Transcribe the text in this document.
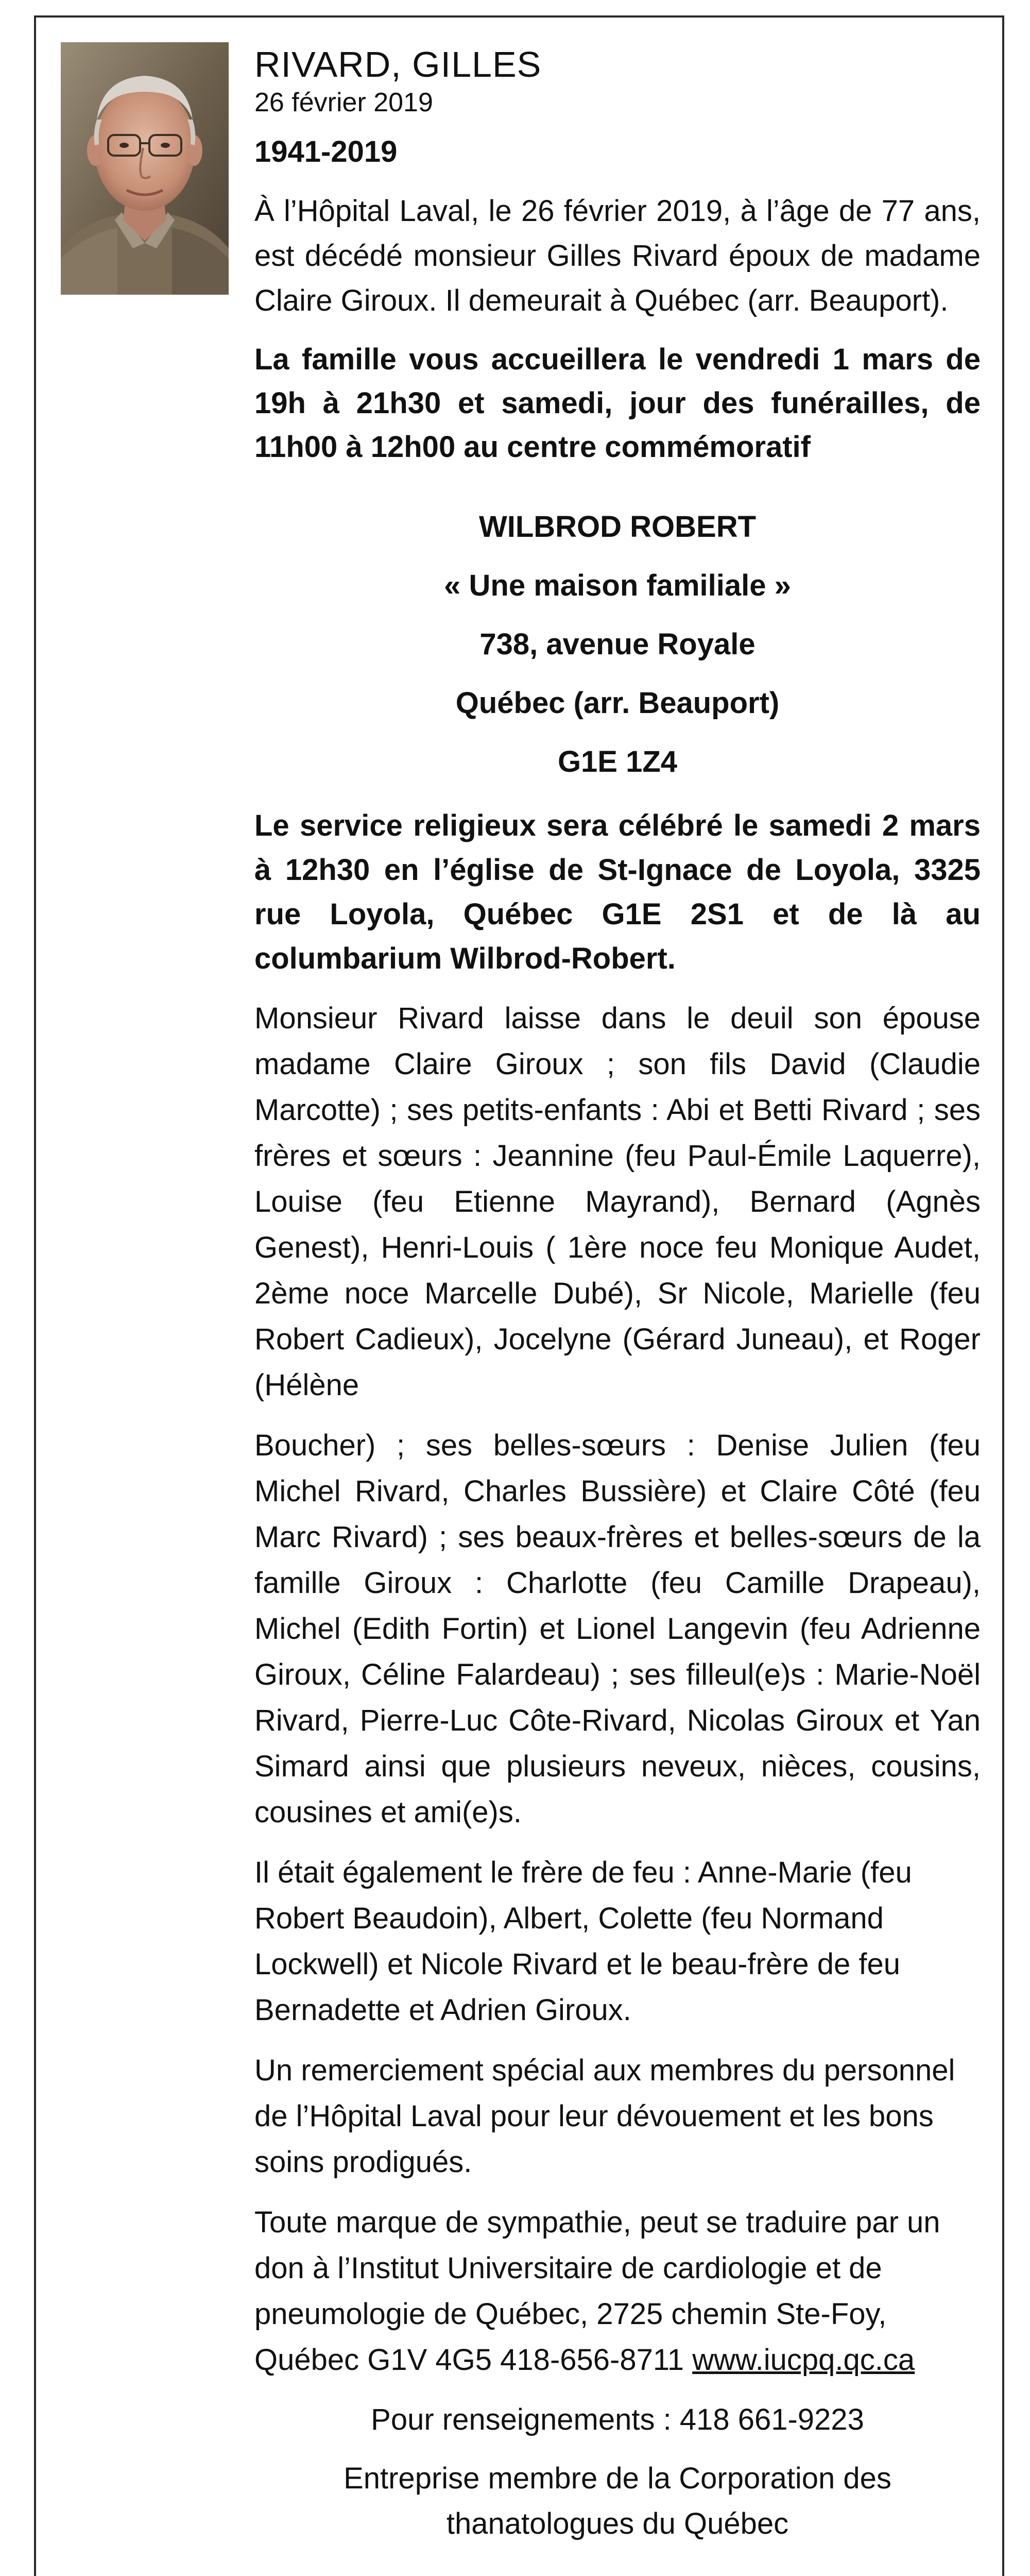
RIVARD, GILLES
26 février 2019
1941-2019

À l’Hôpital Laval, le 26 février 2019, à l’âge de 77 ans, est décédé monsieur Gilles Rivard époux de madame Claire Giroux. Il demeurait à Québec (arr. Beauport).

La famille vous accueillera le vendredi 1 mars de 19h à 21h30 et samedi, jour des funérailles, de 11h00 à 12h00 au centre commémoratif

WILBROD ROBERT
« Une maison familiale »
738, avenue Royale
Québec (arr. Beauport)
G1E 1Z4

Le service religieux sera célébré le samedi 2 mars à 12h30 en l’église de St-Ignace de Loyola, 3325 rue Loyola, Québec G1E 2S1 et de là au columbarium Wilbrod-Robert.

Monsieur Rivard laisse dans le deuil son épouse madame Claire Giroux ; son fils David (Claudie Marcotte) ; ses petits-enfants : Abi et Betti Rivard ; ses frères et sœurs : Jeannine (feu Paul-Émile Laquerre), Louise (feu Etienne Mayrand), Bernard (Agnès Genest), Henri-Louis ( 1ère noce feu Monique Audet, 2ème noce Marcelle Dubé), Sr Nicole, Marielle (feu Robert Cadieux), Jocelyne (Gérard Juneau), et Roger (Hélène

Boucher) ; ses belles-sœurs : Denise Julien (feu Michel Rivard, Charles Bussière) et Claire Côté (feu Marc Rivard) ; ses beaux-frères et belles-sœurs de la famille Giroux : Charlotte (feu Camille Drapeau), Michel (Edith Fortin) et Lionel Langevin (feu Adrienne Giroux, Céline Falardeau) ; ses filleul(e)s : Marie-Noël Rivard, Pierre-Luc Côte-Rivard, Nicolas Giroux et Yan Simard ainsi que plusieurs neveux, nièces, cousins, cousines et ami(e)s.

Il était également le frère de feu : Anne-Marie (feu Robert Beaudoin), Albert, Colette (feu Normand Lockwell) et Nicole Rivard et le beau-frère de feu Bernadette et Adrien Giroux.

Un remerciement spécial aux membres du personnel de l’Hôpital Laval pour leur dévouement et les bons soins prodigués.

Toute marque de sympathie, peut se traduire par un don à l’Institut Universitaire de cardiologie et de pneumologie de Québec, 2725 chemin Ste-Foy, Québec G1V 4G5 418-656-8711 www.iucpq.qc.ca

Pour renseignements : 418 661-9223
Entreprise membre de la Corporation des thanatologues du Québec
